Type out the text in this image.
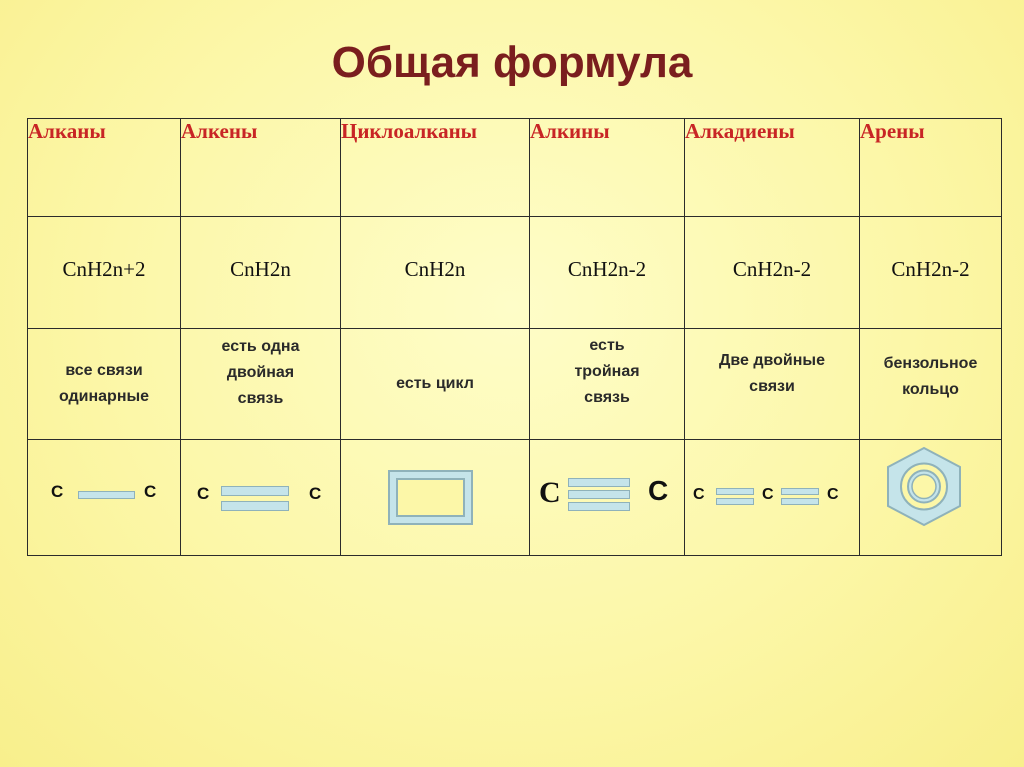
Общая формула
Алканы	Алкены	Циклоалканы	Алкины	Алкадиены	Арены
CnH2n+2	CnH2n	CnH2n	CnH2n-2	CnH2n-2	CnH2n-2

все связи одинарные	есть одна двойная связь	есть цикл	есть тройная связь	Две двойные связи	бензольное кольцо

C C	C C		C C	C C C
